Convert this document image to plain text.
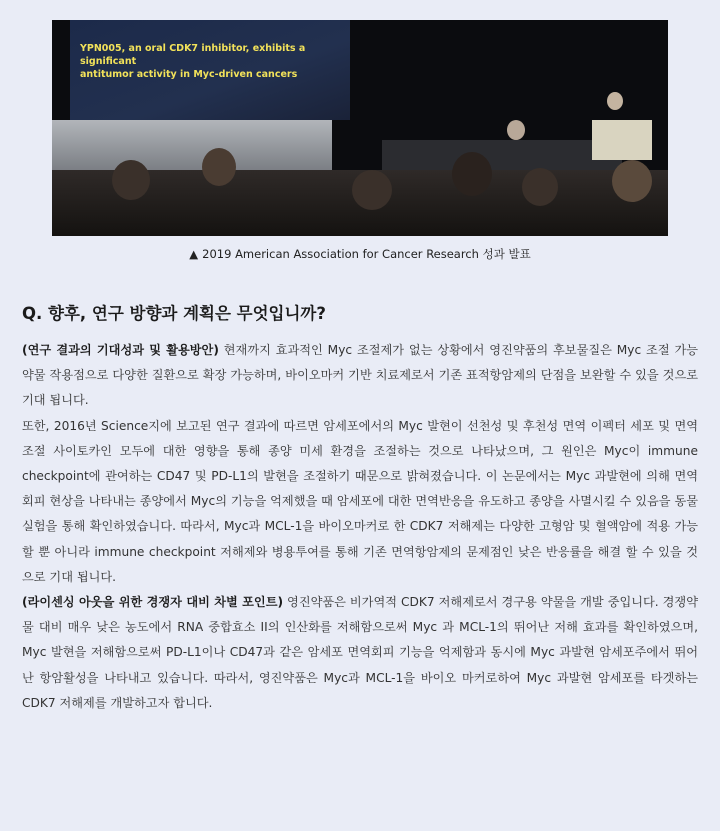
YPN005, an oral CDK7 inhibitor, exhibits a significant
antitumor activity in Myc-driven cancers
▲ 2019 American Association for Cancer Research 성과 발표
Q. 향후, 연구 방향과 계획은 무엇입니까?

(연구 결과의 기대성과 및 활용방안) 현재까지 효과적인 Myc 조절제가 없는 상황에서 영진약품의 후보물질은 Myc 조절 가능 약물 작용점으로 다양한 질환으로 확장 가능하며, 바이오마커 기반 치료제로서 기존 표적항암제의 단점을 보완할 수 있을 것으로 기대 됩니다.

또한, 2016년 Science지에 보고된 연구 결과에 따르면 암세포에서의 Myc 발현이 선천성 및 후천성 면역 이펙터 세포 및 면역 조절 사이토카인 모두에 대한 영향을 통해 종양 미세 환경을 조절하는 것으로 나타났으며, 그 원인은 Myc이 immune checkpoint에 관여하는 CD47 및 PD-L1의 발현을 조절하기 때문으로 밝혀졌습니다. 이 논문에서는 Myc 과발현에 의해 면역 회피 현상을 나타내는 종양에서 Myc의 기능을 억제했을 때 암세포에 대한 면역반응을 유도하고 종양을 사멸시킬 수 있음을 동물 실험을 통해 확인하였습니다. 따라서, Myc과 MCL-1을 바이오마커로 한 CDK7 저해제는 다양한 고형암 및 혈액암에 적용 가능할 뿐 아니라 immune checkpoint 저해제와 병용투여를 통해 기존 면역항암제의 문제점인 낮은 반응률을 해결 할 수 있을 것으로 기대 됩니다.

(라이센싱 아웃을 위한 경쟁자 대비 차별 포인트) 영진약품은 비가역적 CDK7 저해제로서 경구용 약물을 개발 중입니다. 경쟁약물 대비 매우 낮은 농도에서 RNA 중합효소 II의 인산화를 저해함으로써 Myc 과 MCL-1의 뛰어난 저해 효과를 확인하였으며, Myc 발현을 저해함으로써 PD-L1이나 CD47과 같은 암세포 면역회피 기능을 억제함과 동시에 Myc 과발현 암세포주에서 뛰어난 항암활성을 나타내고 있습니다. 따라서, 영진약품은 Myc과 MCL-1을 바이오 마커로하여 Myc 과발현 암세포를 타겟하는 CDK7 저해제를 개발하고자 합니다.
